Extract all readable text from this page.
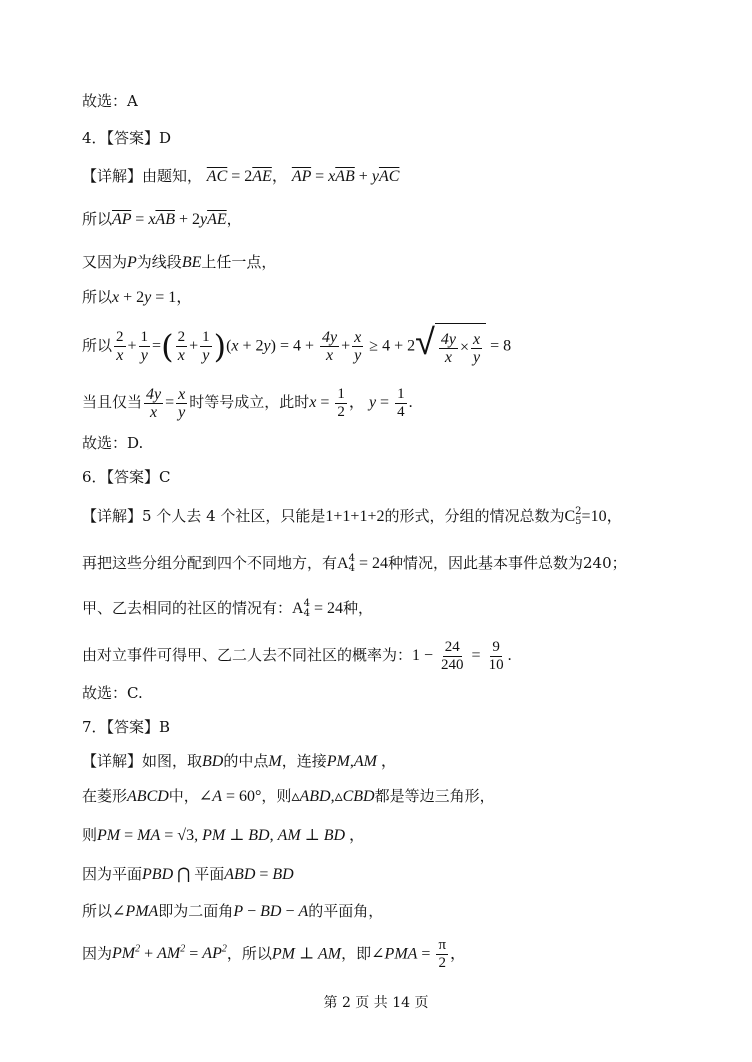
故选：A
4．【答案】D
【详解】由题知， $\overline{AC} = 2\overline{AE}$， $\overline{AP} = x\overline{AB} + y\overline{AC}$
所以$\overline{AP} = x\overline{AB} + 2y\overline{AE}$，
又因为P为线段BE上任一点，
所以x + 2y = 1，
所以 $\frac{2}{x} + \frac{1}{y}$ =( $\frac{2}{x} + \frac{1}{y} )(x + 2y) = 4 + \frac{4y}{x} + \frac{x}{y} \ge 4 + 2$ √ $\frac{4y}{x} \times \frac{x}{y} = 8$
当且仅当 $\frac{4y}{x} = \frac{x}{y}$ 时等号成立，此时$x = \frac{1}{2}$ ， $y = \frac{1}{4}$ .
故选：D.
6．【答案】C
【详解】5 个人去 4 个社区，只能是1+1+1+2的形式，分组的情况总数为C 2
5 =10，
再把这些分组分配到四个不同地方，有A 4
4 = 24种情况，因此基本事件总数为240；
甲、乙去相同的社区的情况有：A 4
4 = 24种，
由对立事件可得甲、乙二人去不同社区的概率为：$1 - \frac{24}{240} = \frac{9}{10}$ .
故选：C.
7．【答案】B
【详解】如图，取BD的中点M，连接PM,AM ，
在菱形ABCD中，∠A = 60°，则▵ABD,▵CBD都是等边三角形，
则PM = MA = √3, PM ⊥ BD, AM ⊥ BD ，
因为平面PBD ⋂ 平面ABD = BD
所以∠PMA即为二面角P − BD − A的平面角，
因为$PM^2 + AM^2 = AP^2$，所以PM ⊥ AM，即∠PMA = $\frac{\pi}{2}$ ，
第 2 页 共 14 页
